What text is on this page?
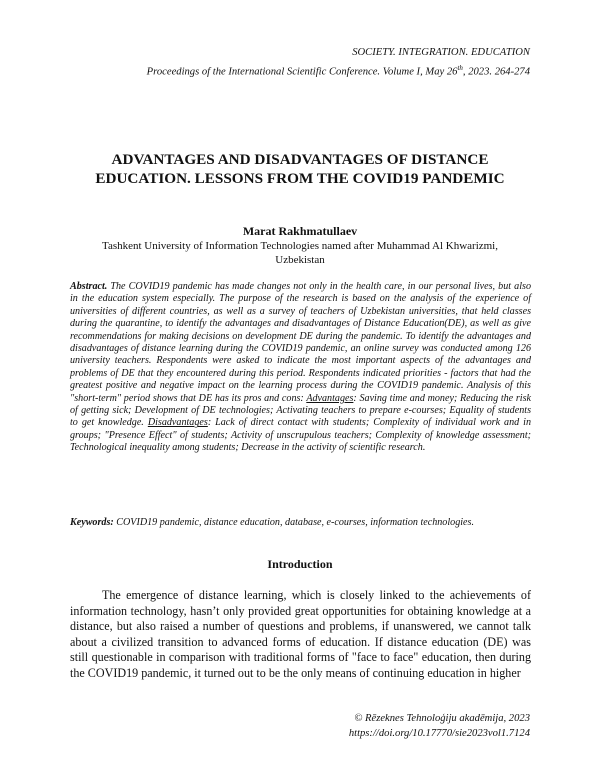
SOCIETY. INTEGRATION. EDUCATION
Proceedings of the International Scientific Conference. Volume I, May 26th, 2023. 264-274
ADVANTAGES AND DISADVANTAGES OF DISTANCE EDUCATION. LESSONS FROM THE COVID19 PANDEMIC

Marat Rakhmatullaev

Tashkent University of Information Technologies named after Muhammad Al Khwarizmi, Uzbekistan

Abstract. The COVID19 pandemic has made changes not only in the health care, in our personal lives, but also in the education system especially. The purpose of the research is based on the analysis of the experience of universities of different countries, as well as a survey of teachers of Uzbekistan universities, that held classes during the quarantine, to identify the advantages and disadvantages of Distance Education(DE), as well as give recommendations for making decisions on development DE during the pandemic. To identify the advantages and disadvantages of distance learning during the COVID19 pandemic, an online survey was conducted among 126 university teachers. Respondents were asked to indicate the most important aspects of the advantages and problems of DE that they encountered during this period. Respondents indicated priorities - factors that had the greatest positive and negative impact on the learning process during the COVID19 pandemic. Analysis of this "short-term" period shows that DE has its pros and cons: Advantages: Saving time and money; Reducing the risk of getting sick; Development of DE technologies; Activating teachers to prepare e-courses; Equality of students to get knowledge. Disadvantages: Lack of direct contact with students; Complexity of individual work and in groups; "Presence Effect" of students; Activity of unscrupulous teachers; Complexity of knowledge assessment; Technological inequality among students; Decrease in the activity of scientific research.

Keywords: COVID19 pandemic, distance education, database, e-courses, information technologies.

Introduction

The emergence of distance learning, which is closely linked to the achievements of information technology, hasn’t only provided great opportunities for obtaining knowledge at a distance, but also raised a number of questions and problems, if unanswered, we cannot talk about a civilized transition to advanced forms of education. If distance education (DE) was still questionable in comparison with traditional forms of "face to face" education, then during the COVID19 pandemic, it turned out to be the only means of continuing education in higher

© Rēzeknes Tehnoloģiju akadēmija, 2023
https://doi.org/10.17770/sie2023vol1.7124
